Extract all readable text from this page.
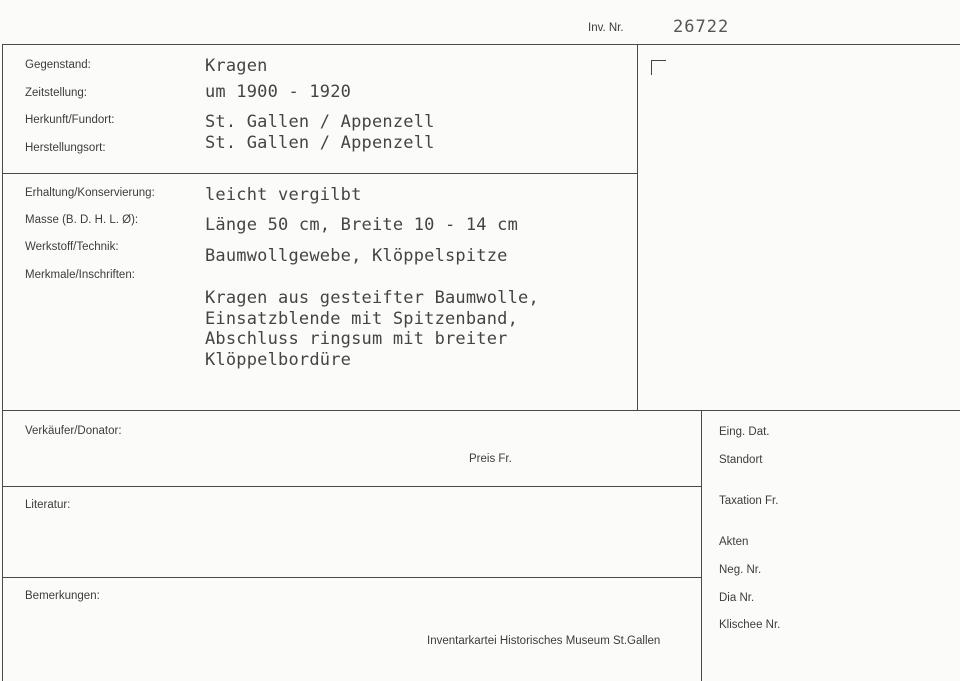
Inv. Nr.	26722
Gegenstand:
Zeitstellung:
Herkunft/Fundort:
Herstellungsort:
Kragen
um 1900 - 1920
St. Gallen / Appenzell
St. Gallen / Appenzell
Erhaltung/Konservierung:
Masse (B. D. H. L. Ø):
Werkstoff/Technik:
Merkmale/Inschriften:
leicht vergilbt
Länge 50 cm, Breite 10 - 14 cm
Baumwollgewebe, Klöppelspitze
Kragen aus gesteifter Baumwolle,
Einsatzblende mit Spitzenband,
Abschluss ringsum mit breiter
Klöppelbordüre
Verkäufer/Donator:
Preis Fr.
Literatur:
Bemerkungen:
Inventarkartei Historisches Museum St.Gallen
Eing. Dat.
Standort
Taxation Fr.
Akten
Neg. Nr.
Dia Nr.
Klischee Nr.
